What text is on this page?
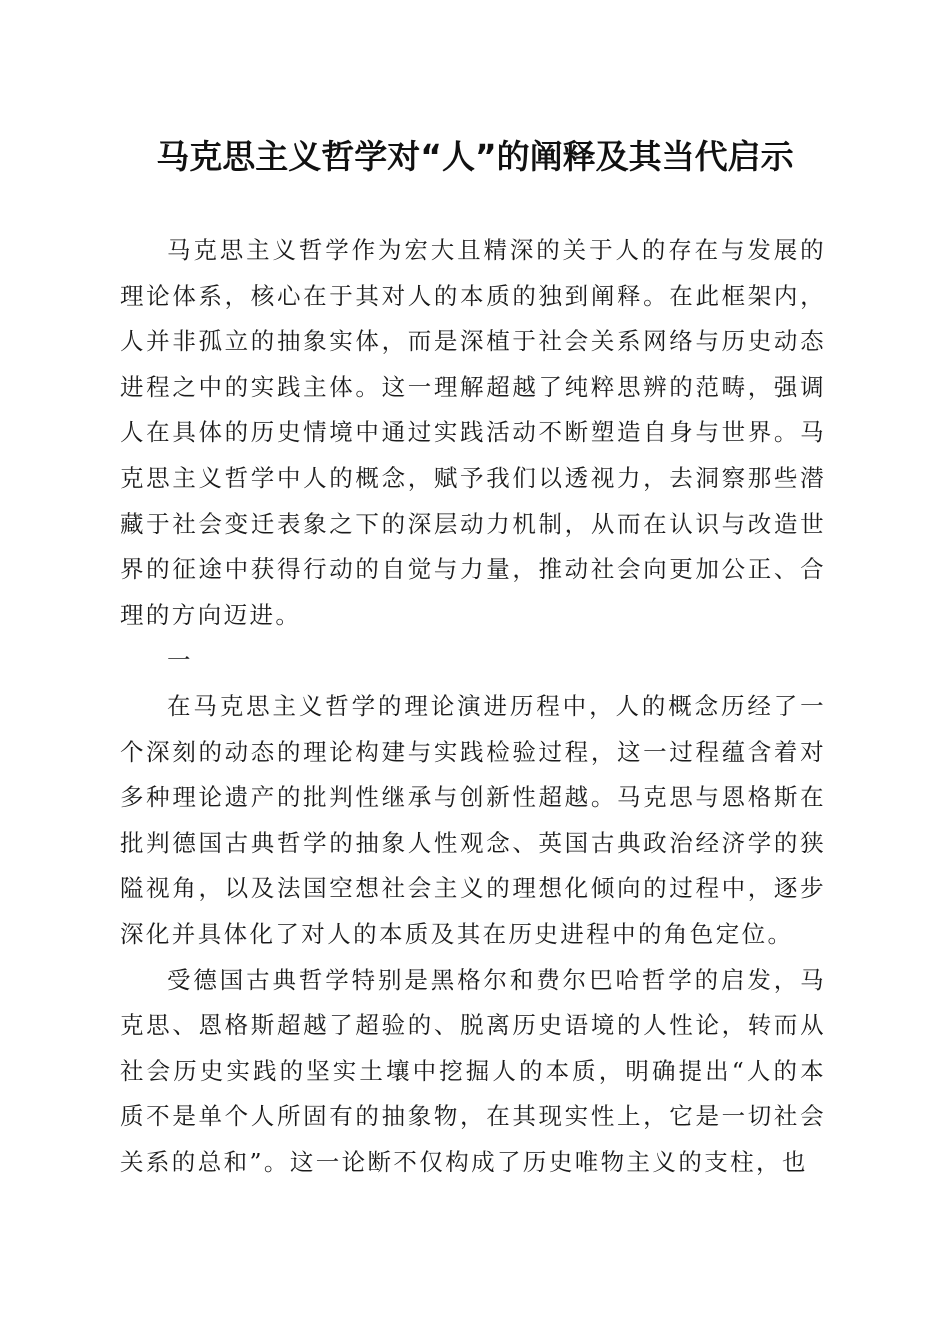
马克思主义哲学对“人”的阐释及其当代启示

马克思主义哲学作为宏大且精深的关于人的存在与发展的理论体系，核心在于其对人的本质的独到阐释。在此框架内，人并非孤立的抽象实体，而是深植于社会关系网络与历史动态进程之中的实践主体。这一理解超越了纯粹思辨的范畴，强调人在具体的历史情境中通过实践活动不断塑造自身与世界。马克思主义哲学中人的概念，赋予我们以透视力，去洞察那些潜藏于社会变迁表象之下的深层动力机制，从而在认识与改造世界的征途中获得行动的自觉与力量，推动社会向更加公正、合理的方向迈进。

一

在马克思主义哲学的理论演进历程中，人的概念历经了一个深刻的动态的理论构建与实践检验过程，这一过程蕴含着对多种理论遗产的批判性继承与创新性超越。马克思与恩格斯在批判德国古典哲学的抽象人性观念、英国古典政治经济学的狭隘视角，以及法国空想社会主义的理想化倾向的过程中，逐步深化并具体化了对人的本质及其在历史进程中的角色定位。

受德国古典哲学特别是黑格尔和费尔巴哈哲学的启发，马克思、恩格斯超越了超验的、脱离历史语境的人性论，转而从社会历史实践的坚实土壤中挖掘人的本质，明确提出“人的本质不是单个人所固有的抽象物，在其现实性上，它是一切社会关系的总和”。这一论断不仅构成了历史唯物主义的支柱，也
